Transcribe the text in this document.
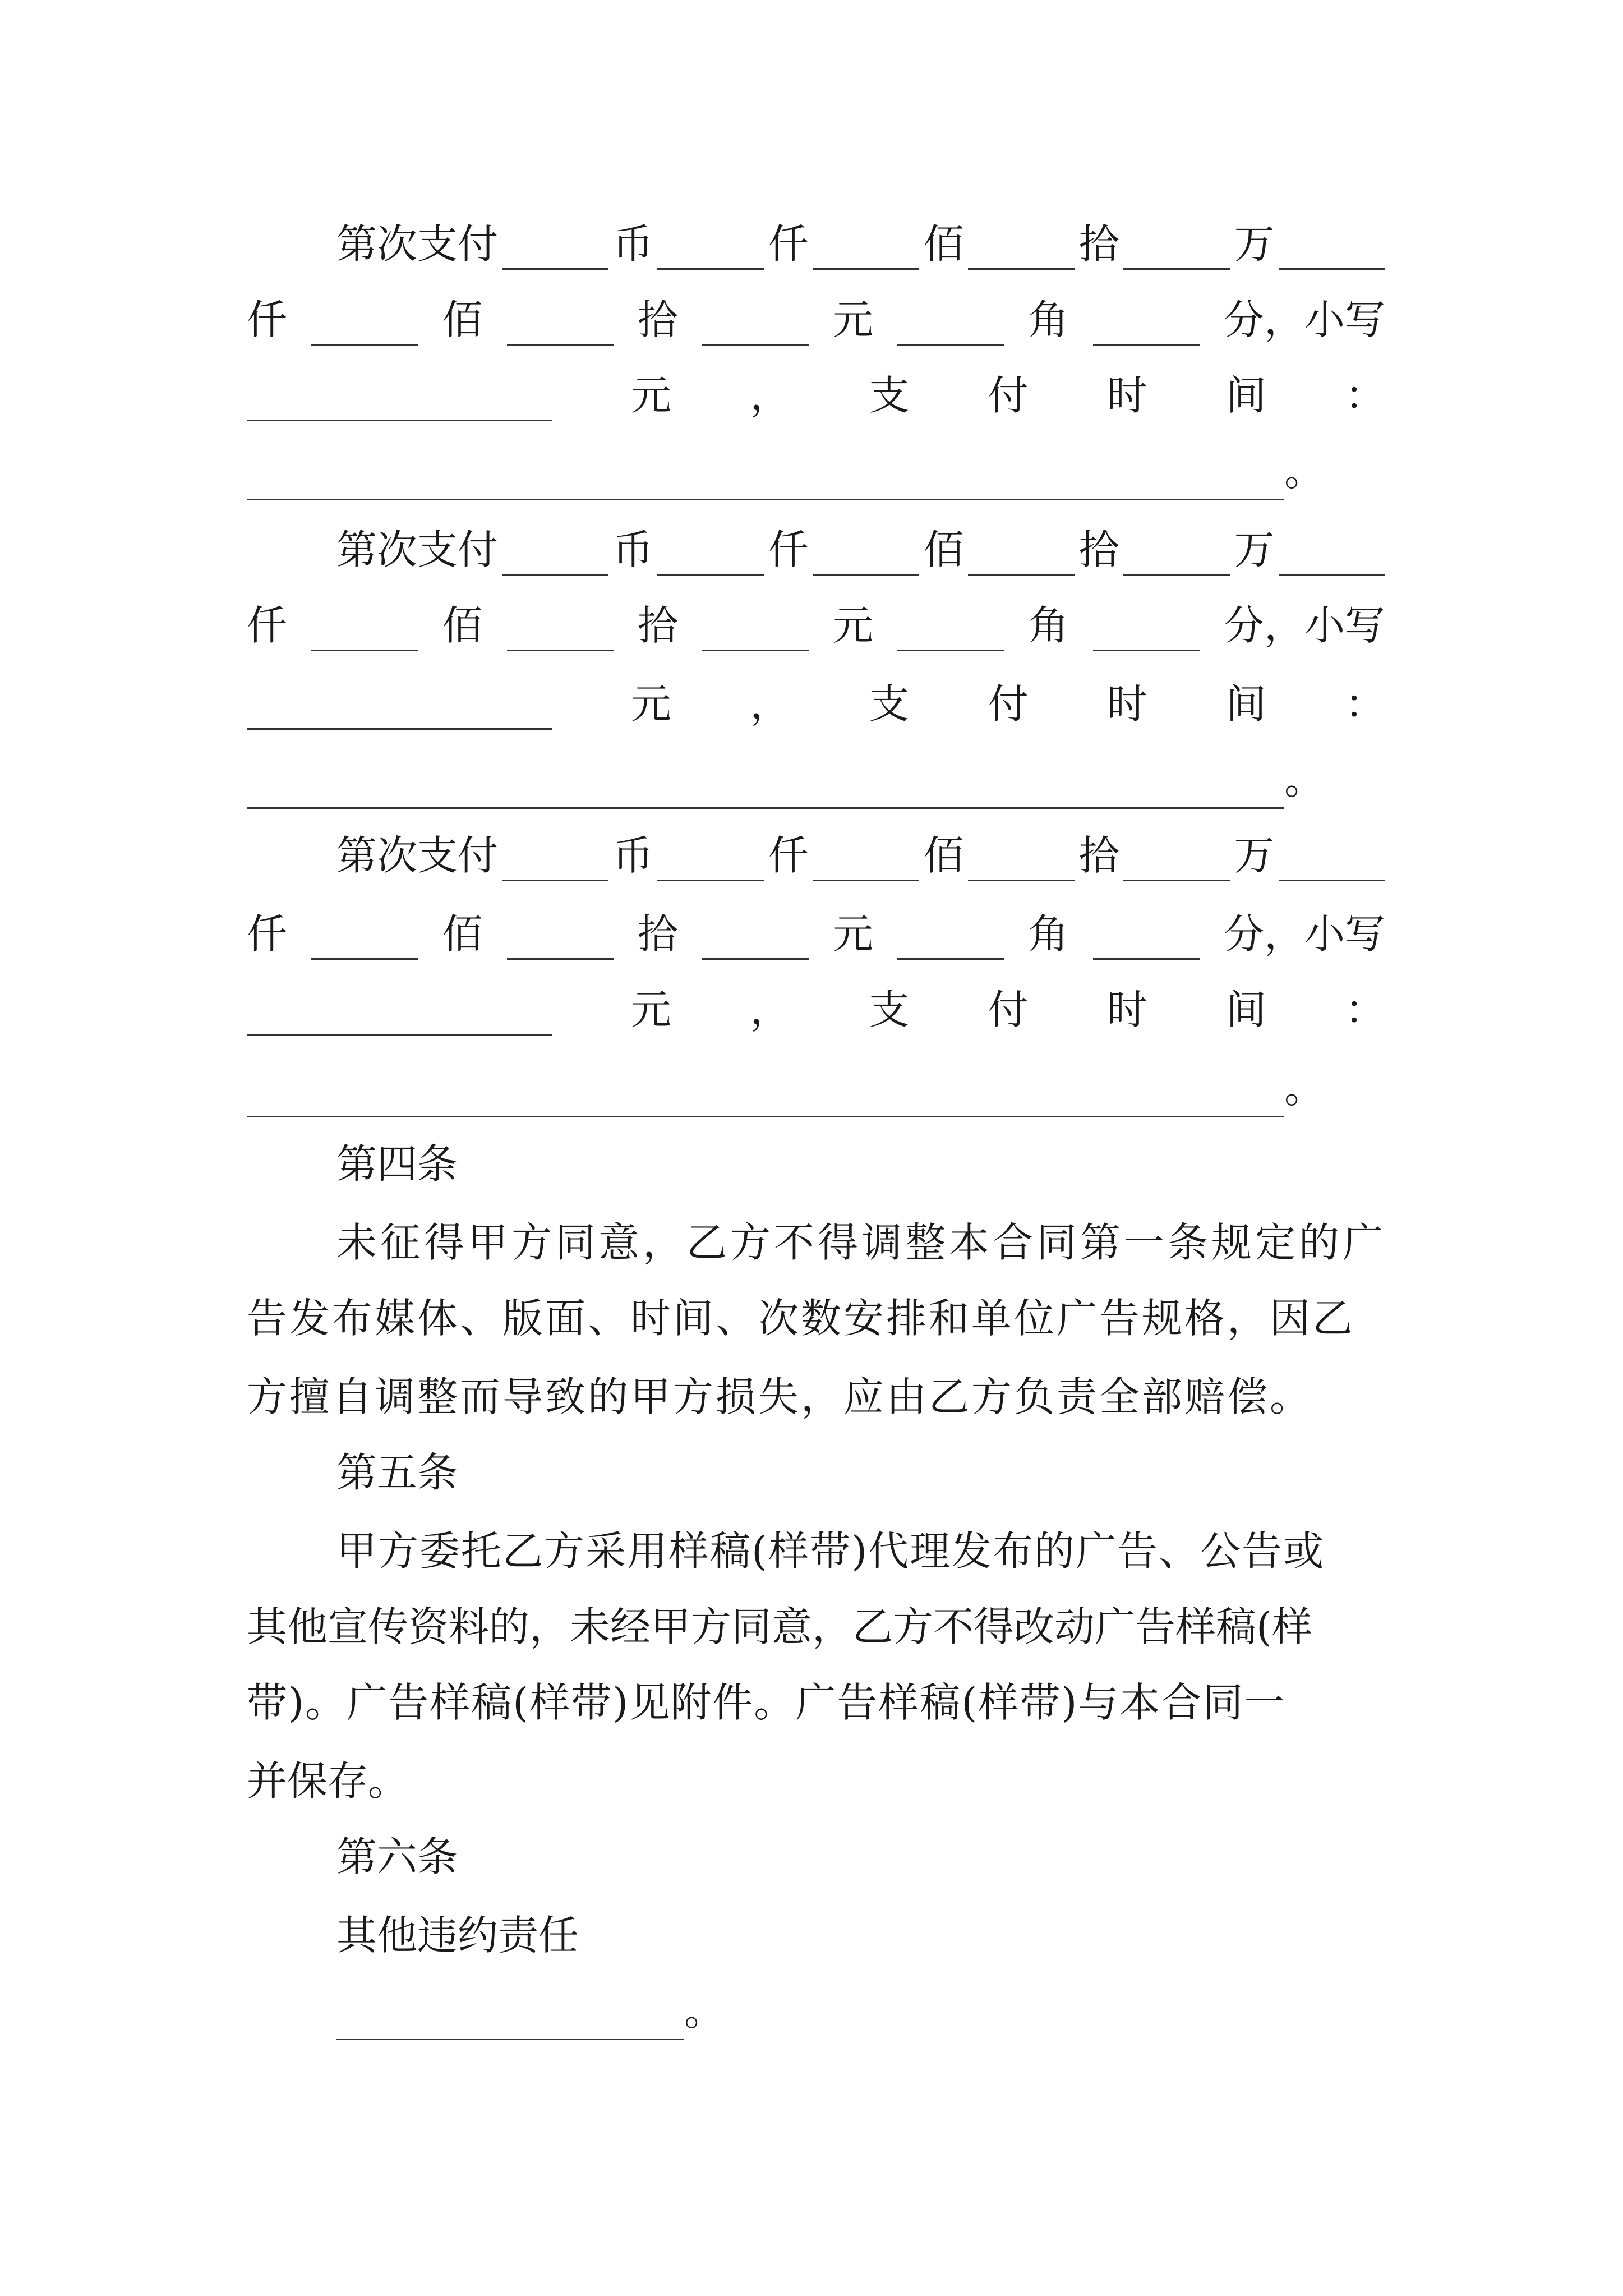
第次支付	币	仟	佰	拾	万
仟	佰	拾	元	角	分，小写
元 ， 支 付 时 间 ：
。
第次支付	币	仟	佰	拾	万
仟	佰	拾	元	角	分，小写
元 ， 支 付 时 间 ：
。
第次支付	币	仟	佰	拾	万
仟	佰	拾	元	角	分，小写
元 ， 支 付 时 间 ：
。
第四条
未征得甲方同意，乙方不得调整本合同第一条规定的广
告发布媒体、版面、时间、次数安排和单位广告规格，因乙
方擅自调整而导致的甲方损失，应由乙方负责全部赔偿。
第五条
甲方委托乙方采用样稿(样带)代理发布的广告、公告或
其他宣传资料的，未经甲方同意，乙方不得改动广告样稿(样
带)。广告样稿(样带)见附件。广告样稿(样带)与本合同一
并保存。
第六条
其他违约责任
。
